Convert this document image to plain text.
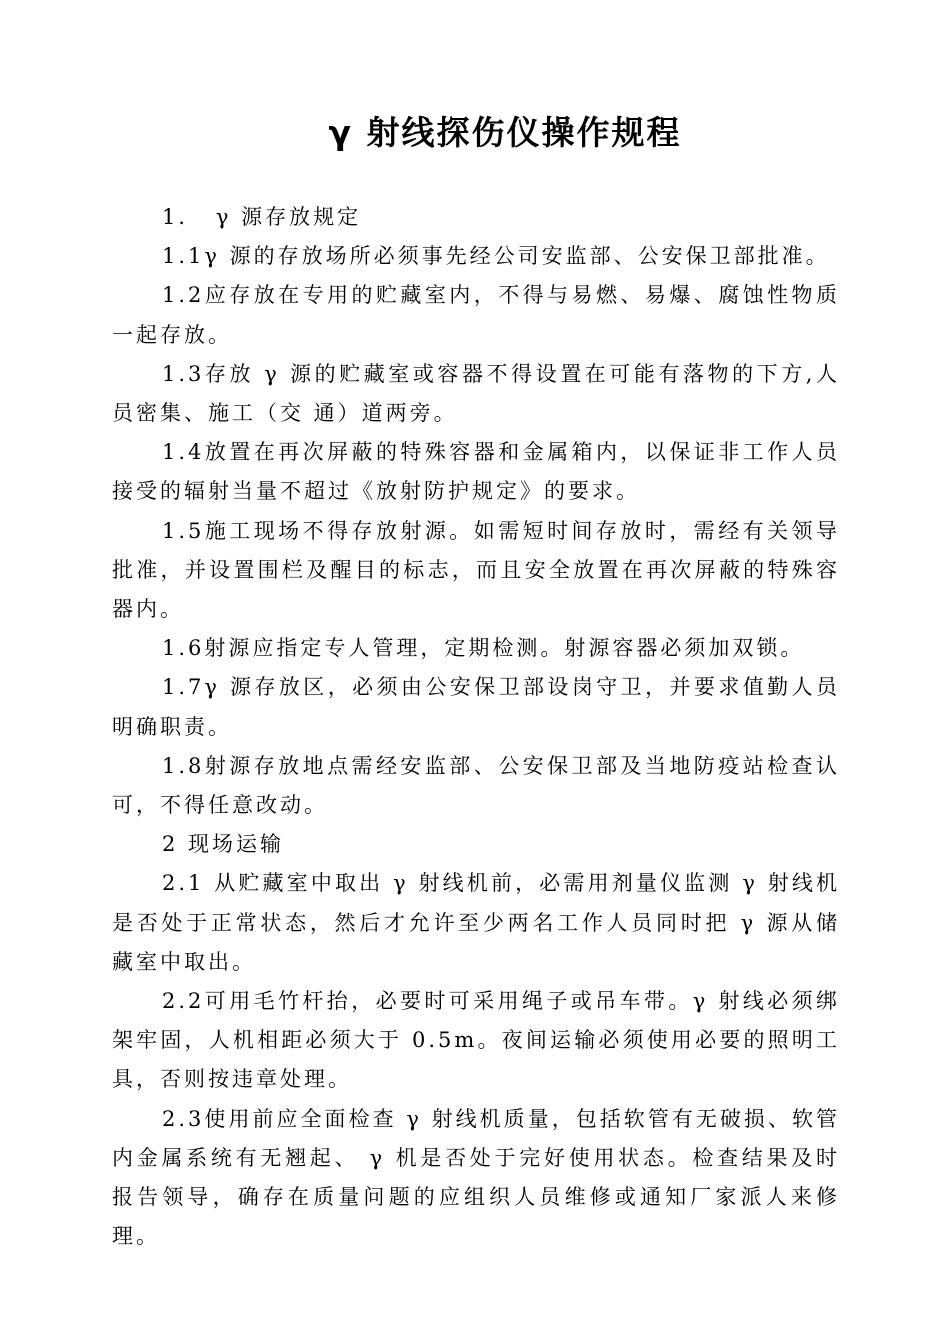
γ 射线探伤仪操作规程

1．　γ 源存放规定

1.1γ 源的存放场所必须事先经公司安监部、公安保卫部批准。

1.2应存放在专用的贮藏室内，不得与易燃、易爆、腐蚀性物质一起存放。

1.3存放 γ 源的贮藏室或容器不得设置在可能有落物的下方,人员密集、施工（交 通）道两旁。

1.4放置在再次屏蔽的特殊容器和金属箱内，以保证非工作人员接受的辐射当量不超过《放射防护规定》的要求。

1.5施工现场不得存放射源。如需短时间存放时，需经有关领导批准，并设置围栏及醒目的标志，而且安全放置在再次屏蔽的特殊容器内。

1.6射源应指定专人管理，定期检测。射源容器必须加双锁。

1.7γ 源存放区，必须由公安保卫部设岗守卫，并要求值勤人员明确职责。

1.8射源存放地点需经安监部、公安保卫部及当地防疫站检查认可，不得任意改动。

2 现场运输

2.1 从贮藏室中取出 γ 射线机前，必需用剂量仪监测 γ 射线机是否处于正常状态，然后才允许至少两名工作人员同时把 γ 源从储藏室中取出。

2.2可用毛竹杆抬，必要时可采用绳子或吊车带。γ 射线必须绑架牢固，人机相距必须大于 0.5m。夜间运输必须使用必要的照明工具，否则按违章处理。

2.3使用前应全面检查 γ 射线机质量，包括软管有无破损、软管内金属系统有无翘起、 γ 机是否处于完好使用状态。检查结果及时报告领导，确存在质量问题的应组织人员维修或通知厂家派人来修理。
